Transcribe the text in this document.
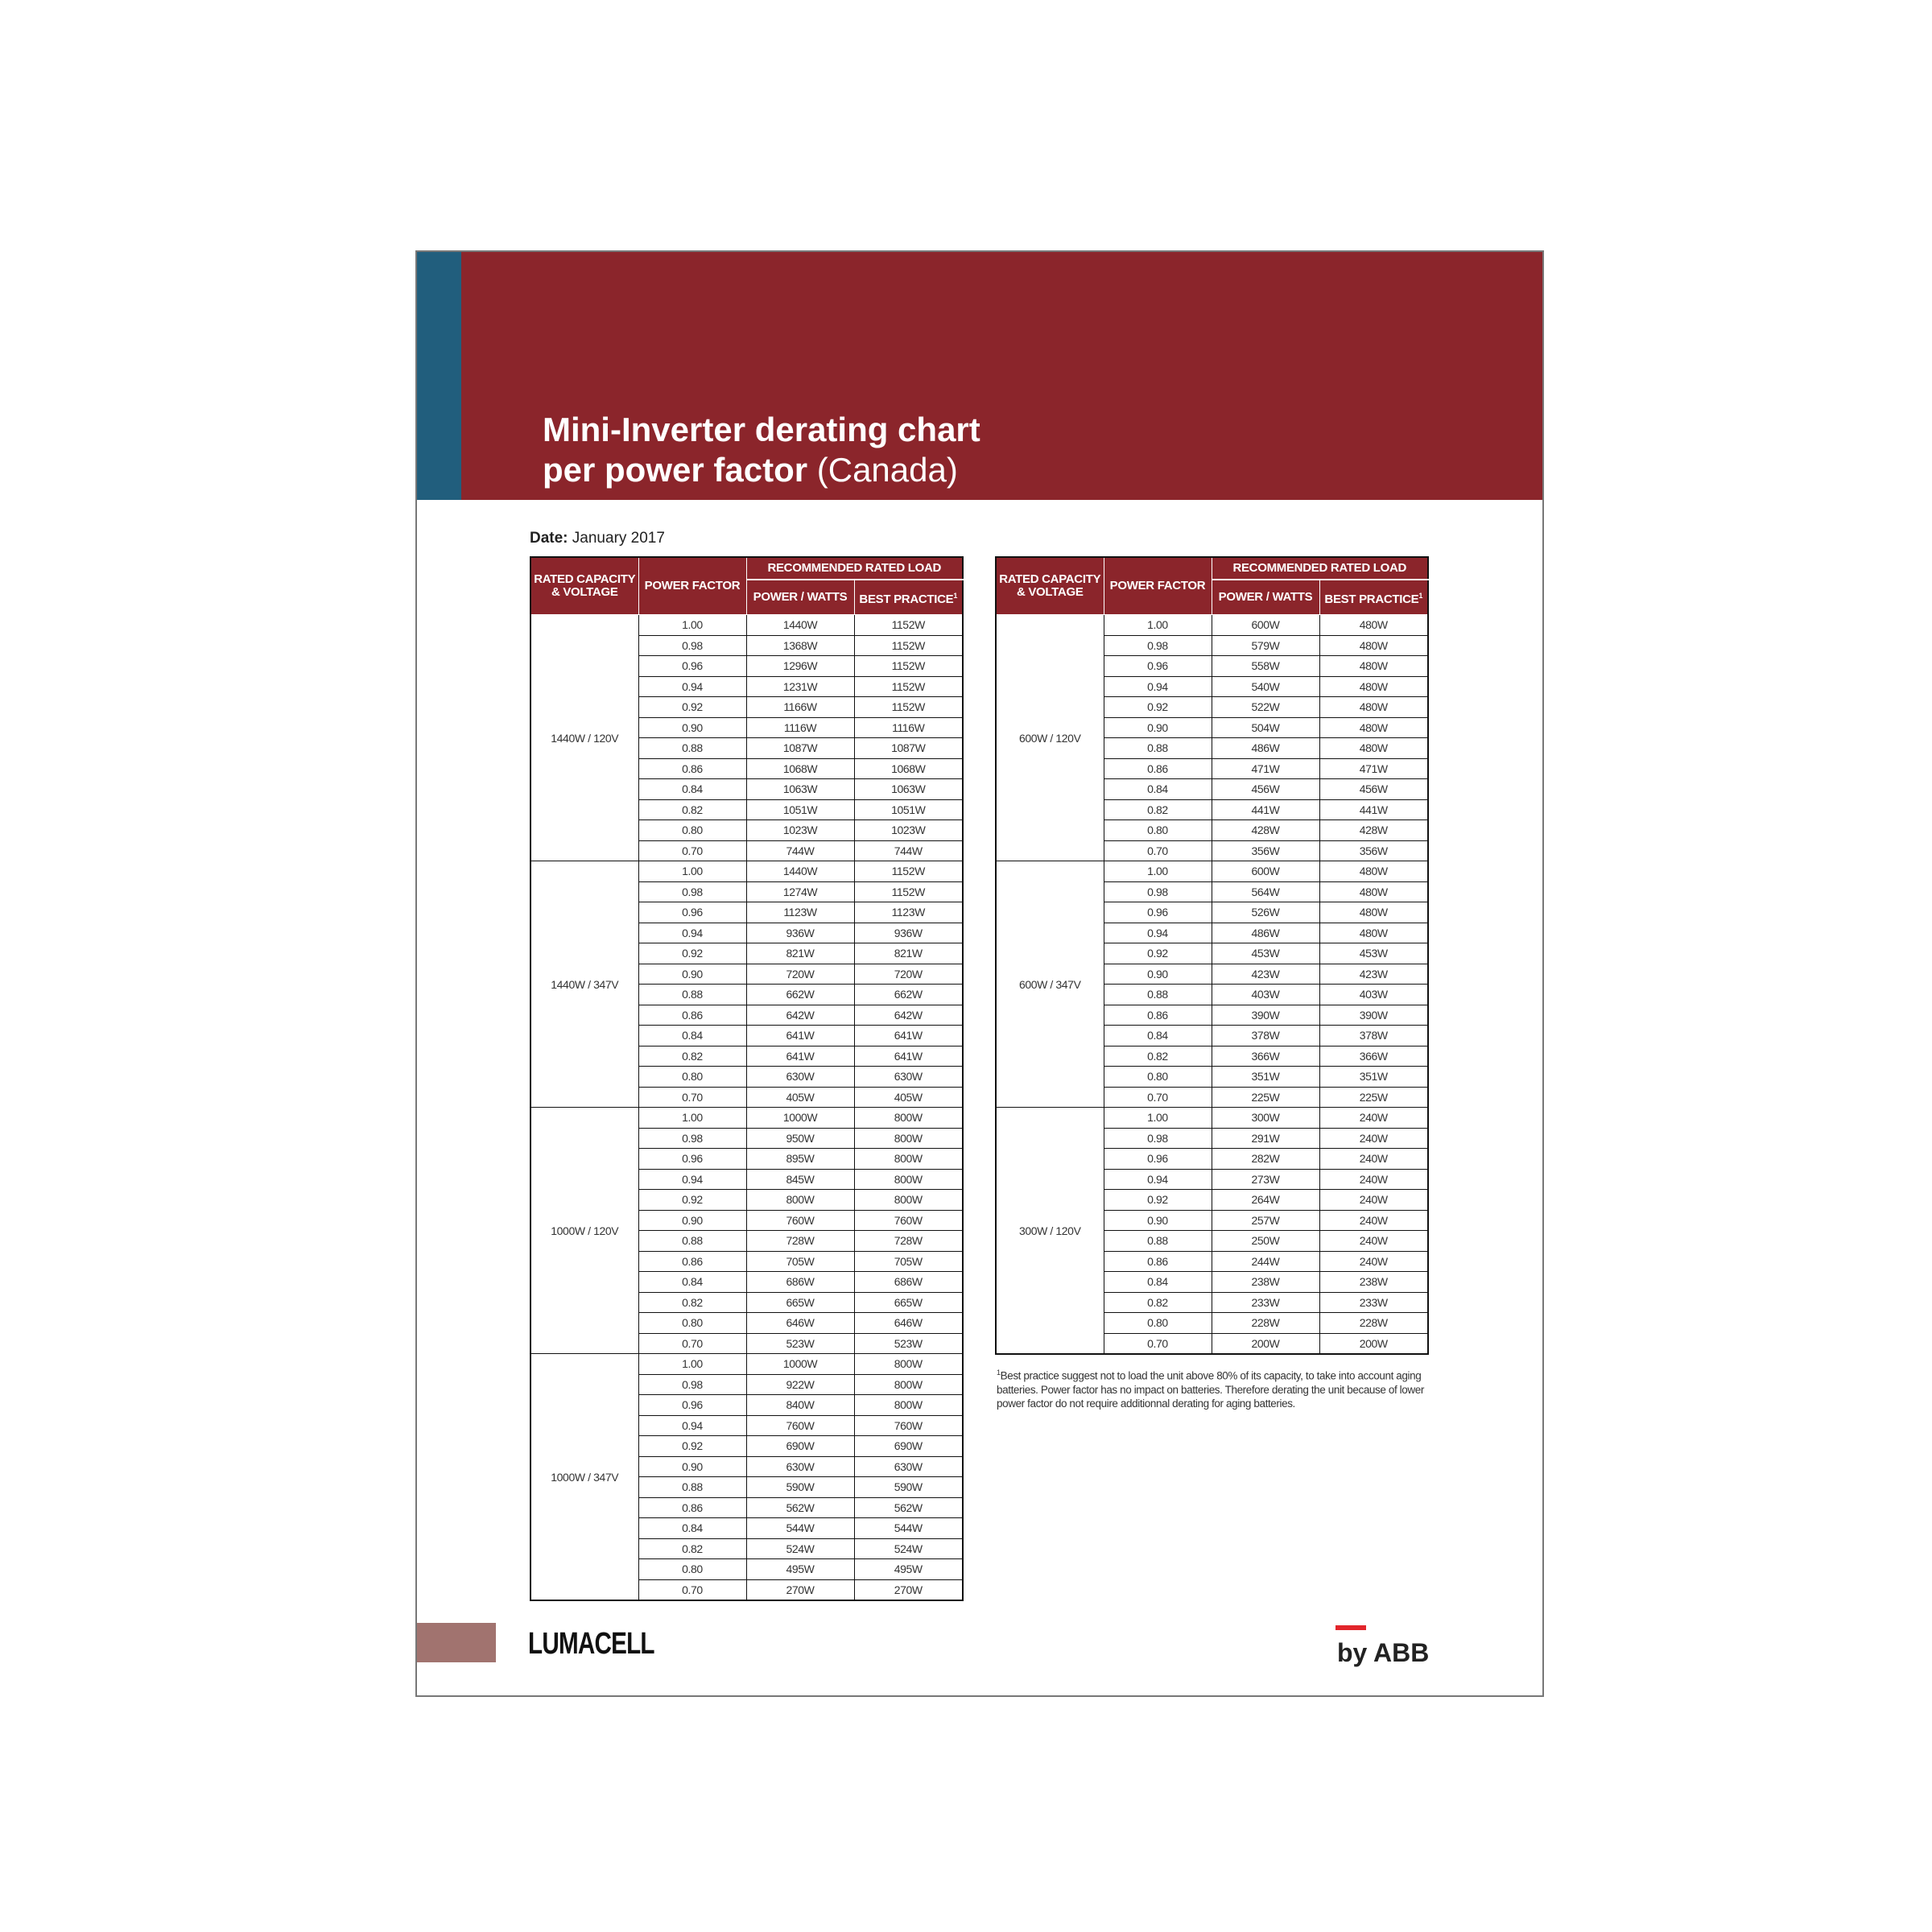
Mini-Inverter derating chart
per power factor (Canada)
Date: January 2017
RATED CAPACITY & VOLTAGE	POWER FACTOR	RECOMMENDED RATED LOAD	
		POWER / WATTS	BEST PRACTICE$^1$
1440W / 120V	1.00	1440W	1152W
	0.98	1368W	1152W
	0.96	1296W	1152W
	0.94	1231W	1152W
	0.92	1166W	1152W
	0.90	1116W	1116W
	0.88	1087W	1087W
	0.86	1068W	1068W
	0.84	1063W	1063W
	0.82	1051W	1051W
	0.80	1023W	1023W
	0.70	744W	744W
1440W / 347V	1.00	1440W	1152W
	0.98	1274W	1152W
	0.96	1123W	1123W
	0.94	936W	936W
	0.92	821W	821W
	0.90	720W	720W
	0.88	662W	662W
	0.86	642W	642W
	0.84	641W	641W
	0.82	641W	641W
	0.80	630W	630W
	0.70	405W	405W
1000W / 120V	1.00	1000W	800W
	0.98	950W	800W
	0.96	895W	800W
	0.94	845W	800W
	0.92	800W	800W
	0.90	760W	760W
	0.88	728W	728W
	0.86	705W	705W
	0.84	686W	686W
	0.82	665W	665W
	0.80	646W	646W
	0.70	523W	523W
1000W / 347V	1.00	1000W	800W
	0.98	922W	800W
	0.96	840W	800W
	0.94	760W	760W
	0.92	690W	690W
	0.90	630W	630W
	0.88	590W	590W
	0.86	562W	562W
	0.84	544W	544W
	0.82	524W	524W
	0.80	495W	495W
	0.70	270W	270W
RATED CAPACITY & VOLTAGE	POWER FACTOR	RECOMMENDED RATED LOAD	
		POWER / WATTS	BEST PRACTICE$^1$
600W / 120V	1.00	600W	480W
	0.98	579W	480W
	0.96	558W	480W
	0.94	540W	480W
	0.92	522W	480W
	0.90	504W	480W
	0.88	486W	480W
	0.86	471W	471W
	0.84	456W	456W
	0.82	441W	441W
	0.80	428W	428W
	0.70	356W	356W
600W / 347V	1.00	600W	480W
	0.98	564W	480W
	0.96	526W	480W
	0.94	486W	480W
	0.92	453W	453W
	0.90	423W	423W
	0.88	403W	403W
	0.86	390W	390W
	0.84	378W	378W
	0.82	366W	366W
	0.80	351W	351W
	0.70	225W	225W
300W / 120V	1.00	300W	240W
	0.98	291W	240W
	0.96	282W	240W
	0.94	273W	240W
	0.92	264W	240W
	0.90	257W	240W
	0.88	250W	240W
	0.86	244W	240W
	0.84	238W	238W
	0.82	233W	233W
	0.80	228W	228W
	0.70	200W	200W
$^1$Best practice suggest not to load the unit above 80% of its capacity, to take into account aging batteries. Power factor has no impact on batteries. Therefore derating the unit because of lower power factor do not require additionnal derating for aging batteries.
LUMACELL	by ABB
